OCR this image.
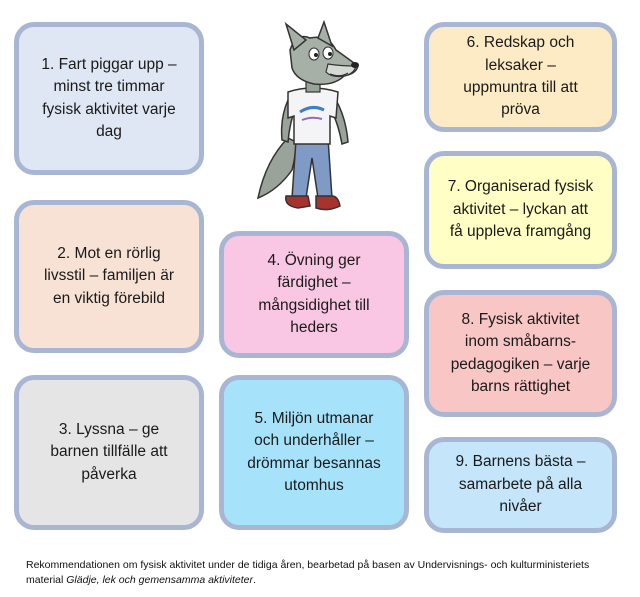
1. Fart piggar upp –
minst tre timmar
fysisk aktivitet varje
dag
2. Mot en rörlig
livsstil – familjen är
en viktig förebild
3. Lyssna – ge
barnen tillfälle att
påverka
4. Övning ger
färdighet –
mångsidighet till
heders
5. Miljön utmanar
och underhåller –
drömmar besannas
utomhus
6. Redskap och
leksaker –
uppmuntra till att
pröva
7. Organiserad fysisk
aktivitet – lyckan att
få uppleva framgång
8. Fysisk aktivitet
inom småbarns-
pedagogiken – varje
barns rättighet
9. Barnens bästa –
samarbete på alla
nivåer
Rekommendationen om fysisk aktivitet under de tidiga åren, bearbetad på basen av Undervisnings- och kulturministeriets material Glädje, lek och gemensamma aktiviteter.
